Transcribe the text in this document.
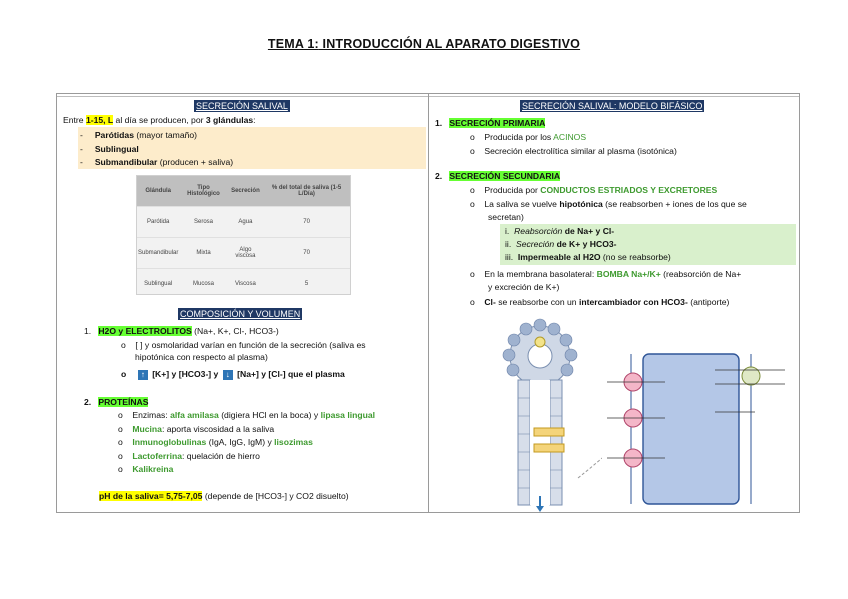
TEMA 1: INTRODUCCIÓN AL APARATO DIGESTIVO
SECRECIÓN SALIVAL
Entre 1-15, L al día se producen, por 3 glándulas:
-     Parótidas (mayor tamaño)
-     Sublingual
-     Submandibular (producen + saliva)
Glándula	Tipo Histológico	Secreción	% del total de saliva (1-5 L/Día)
Parótida	Serosa	Agua	70
Submandibular	Mixta	Algo viscosa	70
Sublingual	Mucosa	Viscosa	5
COMPOSICIÓN Y VOLUMEN
1. H2O y ELECTROLITOS (Na+, K+, Cl-, HCO3-)
o    [ ] y osmolaridad varían en función de la secreción (saliva es
hipotónica con respecto al plasma)
o    ↑ [K+] y [HCO3-] y ↓ [Na+] y [Cl-] que el plasma
2. PROTEÍNAS
o    Enzimas: alfa amilasa (digiera HCl en la boca) y lipasa lingual
o    Mucina: aporta viscosidad a la saliva
o    Inmunoglobulinas (IgA, IgG, IgM) y lisozimas
o    Lactoferrina: quelación de hierro
o    Kalikreina
pH de la saliva= 5,75-7,05 (depende de [HCO3-] y CO2 disuelto)
SECRECIÓN SALIVAL: MODELO BIFÁSICO
1. SECRECIÓN PRIMARIA
o    Producida por los ACINOS
o    Secreción electrolítica similar al plasma (isotónica)
2. SECRECIÓN SECUNDARIA
o    Producida por CONDUCTOS ESTRIADOS Y EXCRETORES
o    La saliva se vuelve hipotónica (se reabsorben + iones de los que se
secretan)
i. Reabsorción de Na+ y Cl-
ii. Secreción de K+ y HCO3-
iii. Impermeable al H2O (no se reabsorbe)
o    En la membrana basolateral: BOMBA Na+/K+ (reabsorción de Na+
y excreción de K+)
o    Cl- se reabsorbe con un intercambiador con HCO3- (antiporte)
